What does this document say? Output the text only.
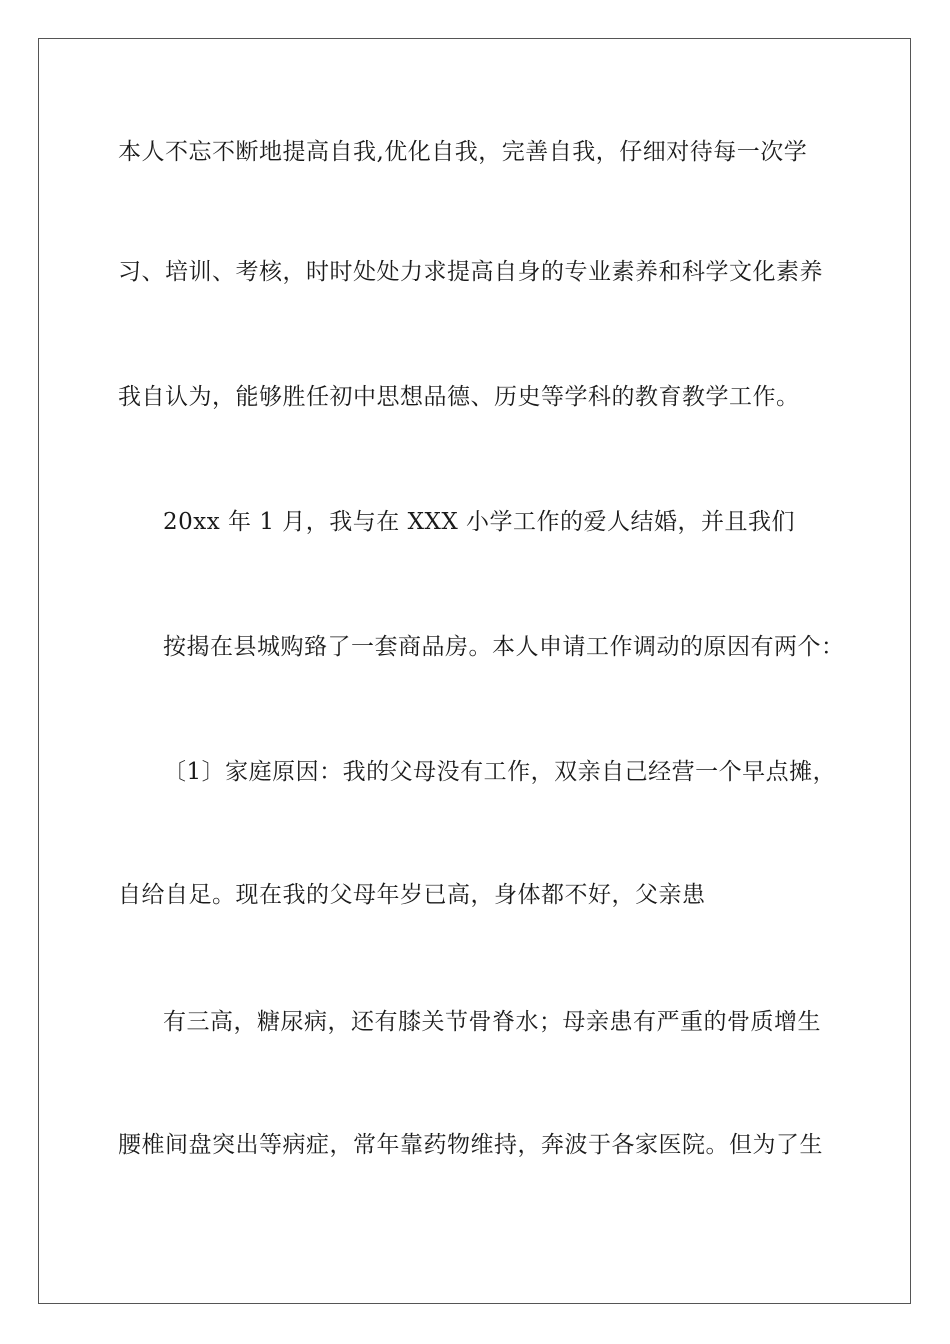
本人不忘不断地提高自我,优化自我，完善自我，仔细对待每一次学
习、培训、考核，时时处处力求提高自身的专业素养和科学文化素养
我自认为，能够胜任初中思想品德、历史等学科的教育教学工作。
20xx 年 1 月，我与在 XXX 小学工作的爱人结婚，并且我们
按揭在县城购臵了一套商品房。本人申请工作调动的原因有两个：
〔1〕家庭原因：我的父母没有工作，双亲自己经营一个早点摊，
自给自足。现在我的父母年岁已高，身体都不好，父亲患
有三高，糖尿病，还有膝关节骨脊水；母亲患有严重的骨质增生
腰椎间盘突出等病症，常年靠药物维持，奔波于各家医院。但为了生
